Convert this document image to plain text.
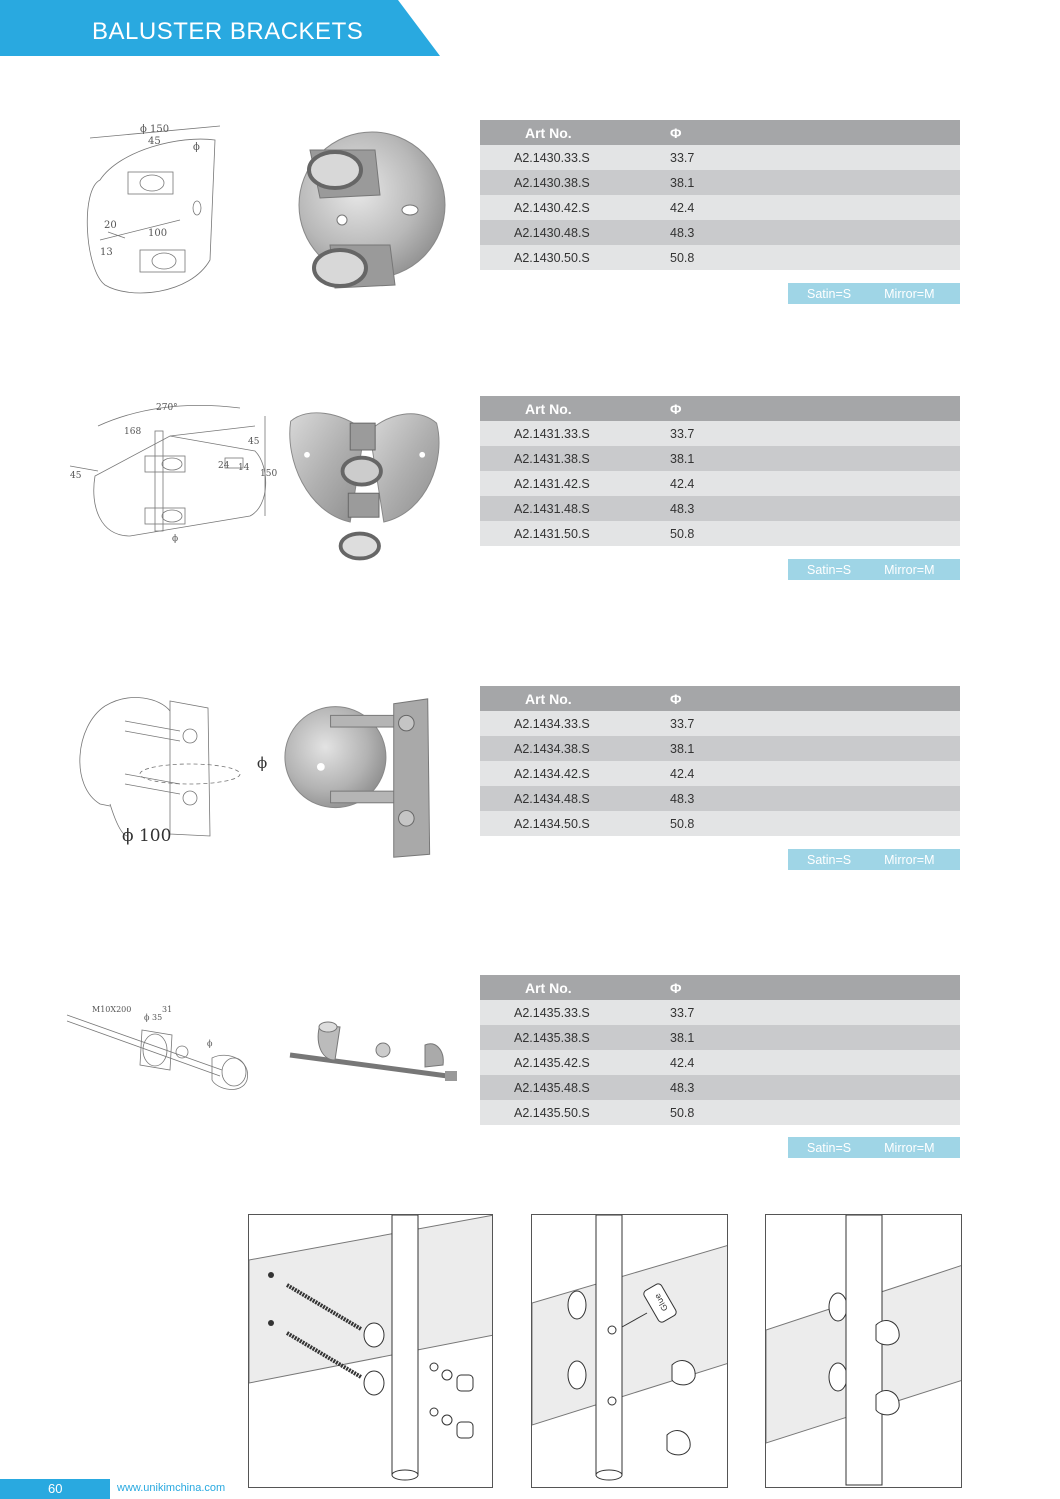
BALUSTER BRACKETS
ϕ 150
45
ϕ
20
13
100
Art No.	Φ
A2.1430.33.S	33.7
A2.1430.38.S	38.1
A2.1430.42.S	42.4
A2.1430.48.S	48.3
A2.1430.50.S	50.8
Satin=S	Mirror=M
270°
168
45
45	150
24 14
ϕ
Art No.	Φ
A2.1431.33.S	33.7
A2.1431.38.S	38.1
A2.1431.42.S	42.4
A2.1431.48.S	48.3
A2.1431.50.S	50.8
Satin=S	Mirror=M
ϕ
ϕ 100
Art No.	Φ
A2.1434.33.S	33.7
A2.1434.38.S	38.1
A2.1434.42.S	42.4
A2.1434.48.S	48.3
A2.1434.50.S	50.8
Satin=S	Mirror=M
M10X200
ϕ 35
31
ϕ
Art No.	Φ
A2.1435.33.S	33.7
A2.1435.38.S	38.1
A2.1435.42.S	42.4
A2.1435.48.S	48.3
A2.1435.50.S	50.8
Satin=S	Mirror=M
Glue
60	www.unikimchina.com
